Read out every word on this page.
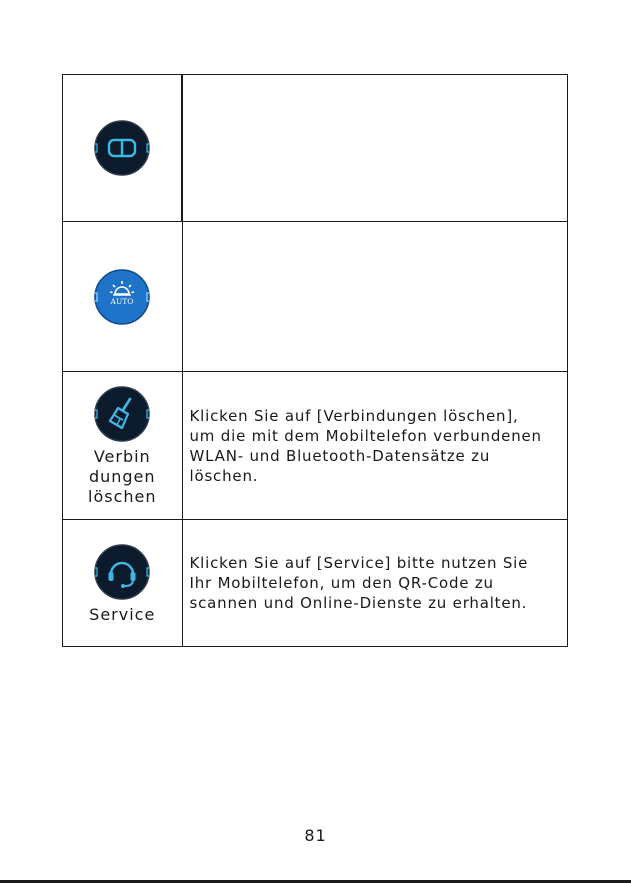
AUTO	

Verbin
dungen
löschen	Klicken Sie auf [Verbindungen löschen],
um die mit dem Mobiltelefon verbundenen
WLAN- und Bluetooth-Datensätze zu
löschen.

Service	Klicken Sie auf [Service] bitte nutzen Sie
Ihr Mobiltelefon, um den QR-Code zu
scannen und Online-Dienste zu erhalten.
81
